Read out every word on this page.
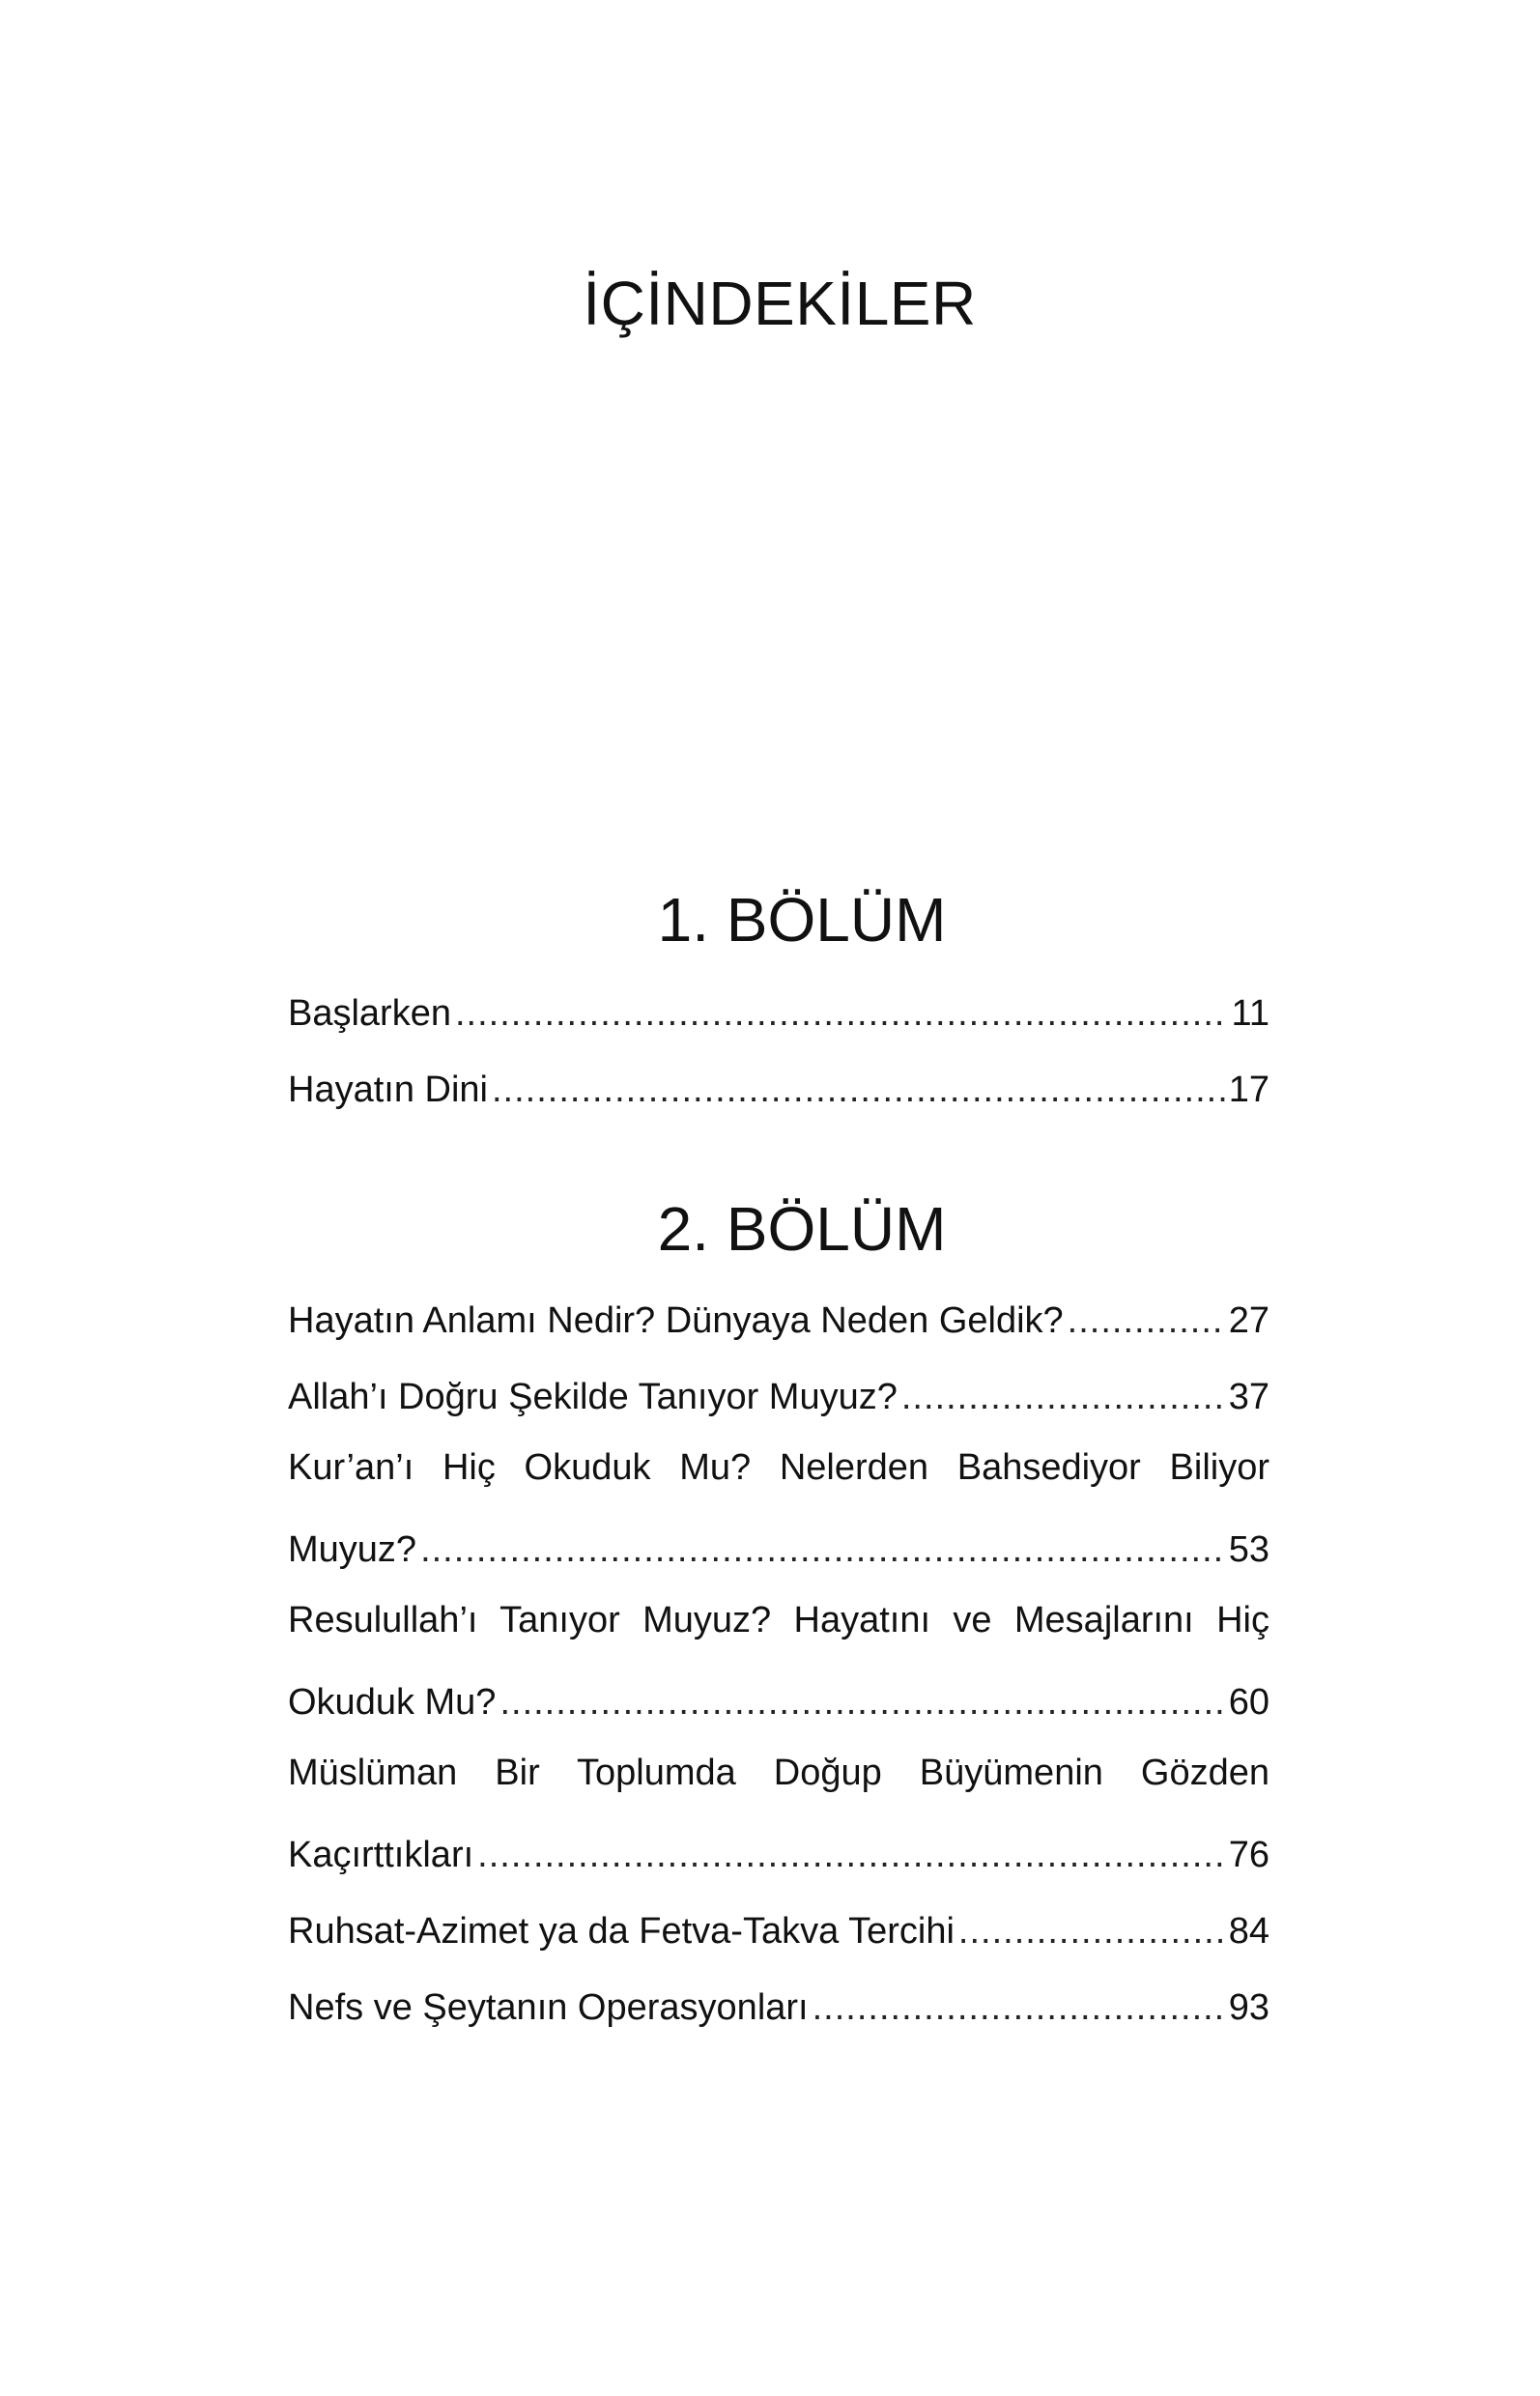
İÇİNDEKİLER
1. BÖLÜM
Başlarken .....	11
Hayatın Dini .....	17
2. BÖLÜM
Hayatın Anlamı Nedir? Dünyaya Neden Geldik? .....	27
Allah’ı Doğru Şekilde Tanıyor Muyuz? .....	37
Kur’an’ı Hiç Okuduk Mu? Nelerden Bahsediyor Biliyor
Muyuz? .....	53
Resulullah’ı Tanıyor Muyuz? Hayatını ve Mesajlarını Hiç
Okuduk Mu? .....	60
Müslüman Bir Toplumda Doğup Büyümenin Gözden
Kaçırttıkları .....	76
Ruhsat-Azimet ya da Fetva-Takva Tercihi .....	84
Nefs ve Şeytanın Operasyonları .....	93
